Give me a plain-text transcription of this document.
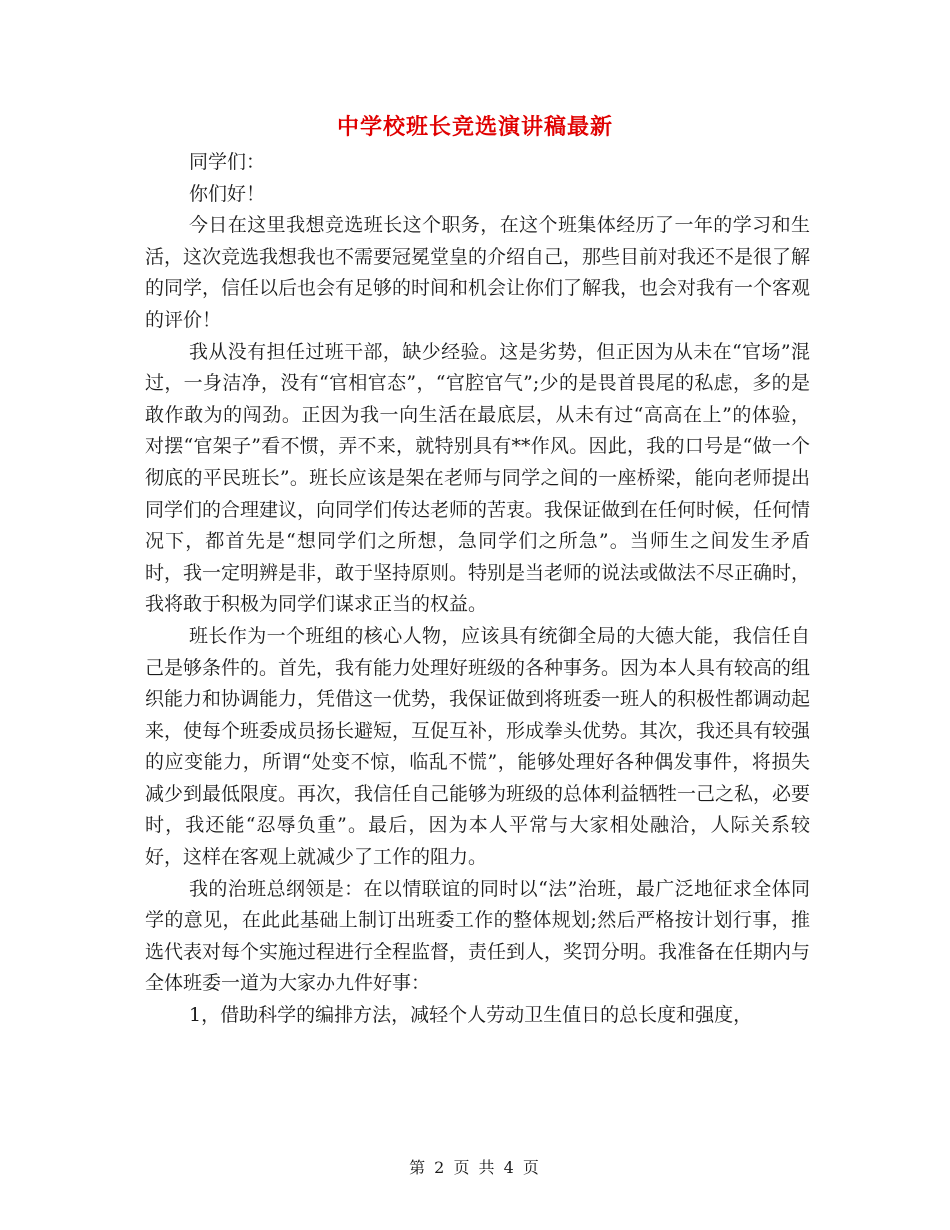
中学校班长竞选演讲稿最新

同学们：

你们好！

今日在这里我想竞选班长这个职务，在这个班集体经历了一年的学习和生活，这次竞选我想我也不需要冠冕堂皇的介绍自己，那些目前对我还不是很了解的同学，信任以后也会有足够的时间和机会让你们了解我，也会对我有一个客观的评价！

我从没有担任过班干部，缺少经验。这是劣势，但正因为从未在“官场”混过，一身洁净，没有“官相官态”，“官腔官气”;少的是畏首畏尾的私虑，多的是敢作敢为的闯劲。正因为我一向生活在最底层，从未有过“高高在上”的体验，对摆“官架子”看不惯，弄不来，就特别具有**作风。因此，我的口号是“做一个彻底的平民班长”。班长应该是架在老师与同学之间的一座桥梁，能向老师提出同学们的合理建议，向同学们传达老师的苦衷。我保证做到在任何时候，任何情况下，都首先是“想同学们之所想，急同学们之所急”。当师生之间发生矛盾时，我一定明辨是非，敢于坚持原则。特别是当老师的说法或做法不尽正确时，我将敢于积极为同学们谋求正当的权益。

班长作为一个班组的核心人物，应该具有统御全局的大德大能，我信任自己是够条件的。首先，我有能力处理好班级的各种事务。因为本人具有较高的组织能力和协调能力，凭借这一优势，我保证做到将班委一班人的积极性都调动起来，使每个班委成员扬长避短，互促互补，形成拳头优势。其次，我还具有较强的应变能力，所谓“处变不惊，临乱不慌”，能够处理好各种偶发事件，将损失减少到最低限度。再次，我信任自己能够为班级的总体利益牺牲一己之私，必要时，我还能“忍辱负重”。最后，因为本人平常与大家相处融洽，人际关系较好，这样在客观上就减少了工作的阻力。

我的治班总纲领是：在以情联谊的同时以“法”治班，最广泛地征求全体同学的意见，在此此基础上制订出班委工作的整体规划;然后严格按计划行事，推选代表对每个实施过程进行全程监督，责任到人，奖罚分明。我准备在任期内与全体班委一道为大家办九件好事：

1，借助科学的编排方法，减轻个人劳动卫生值日的总长度和强度，

第 2 页 共 4 页
